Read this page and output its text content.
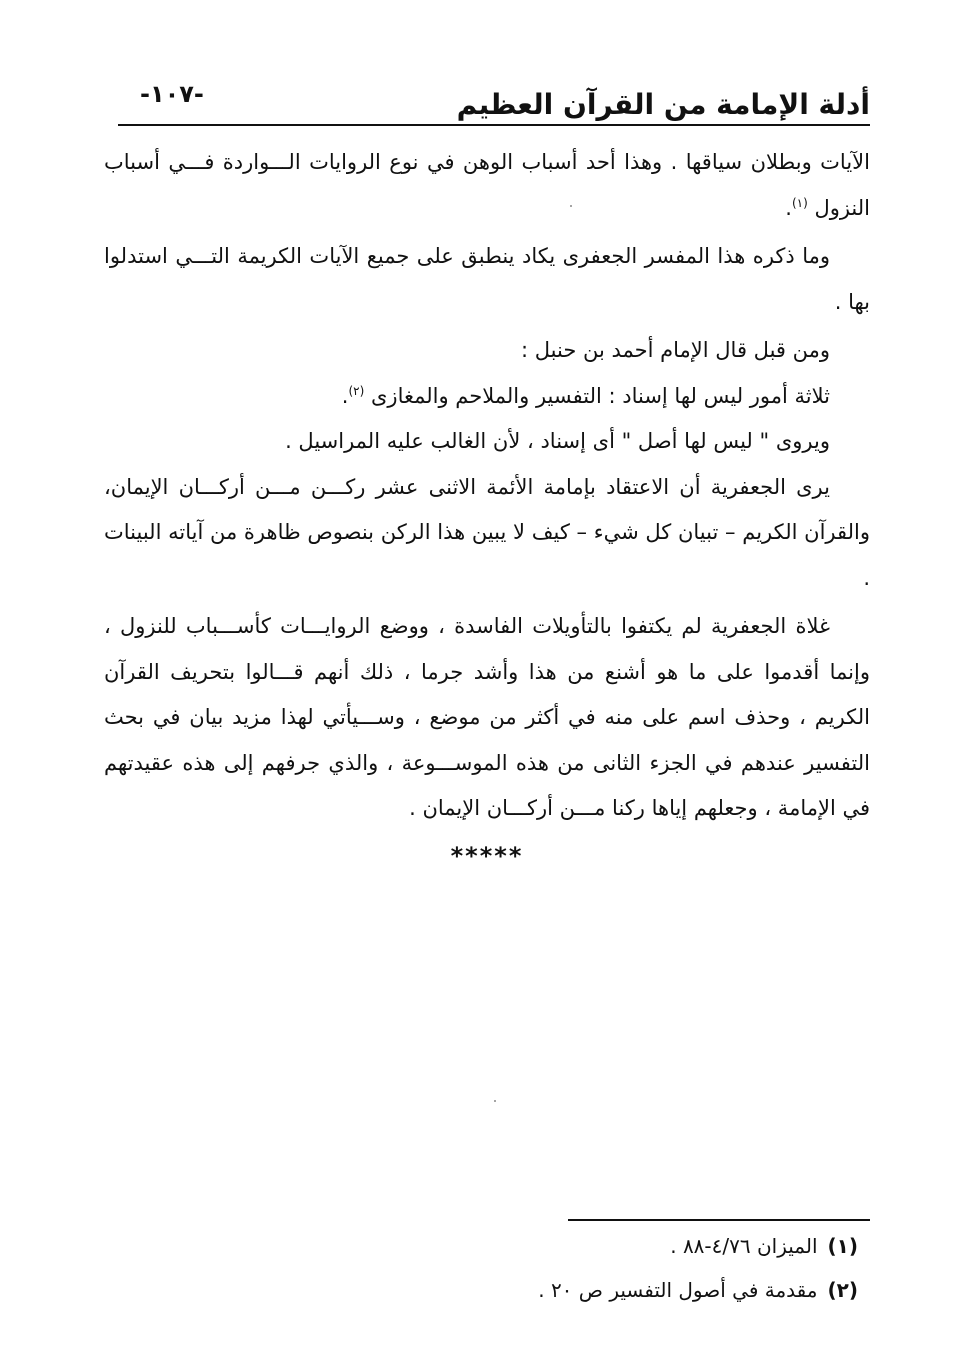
أدلة الإمامة من القرآن العظيم
-١٠٧-

الآيات وبطلان سياقها . وهذا أحد أسباب الوهن في نوع الروايات الـــواردة فـــي أسباب النزول $^{(١)}$.

وما ذكره هذا المفسر الجعفرى يكاد ينطبق على جميع الآيات الكريمة التـــي استدلوا بها .

ومن قبل قال الإمام أحمد بن حنبل :

ثلاثة أمور ليس لها إسناد : التفسير والملاحم والمغازى $^{(٢)}$.

ويروى " ليس لها أصل " أى إسناد ، لأن الغالب عليه المراسيل .

يرى الجعفرية أن الاعتقاد بإمامة الأئمة الاثنى عشر ركـــن مـــن أركـــان الإيمان، والقرآن الكريم – تبيان كل شيء – كيف لا يبين هذا الركن بنصوص ظاهرة من آياته البينات .

غلاة الجعفرية لم يكتفوا بالتأويلات الفاسدة ، ووضع الروايـــات كأســـباب للنزول ، وإنما أقدموا على ما هو أشنع من هذا وأشد جرما ، ذلك أنهم قـــالوا بتحريف القرآن الكريم ، وحذف اسم على منه في أكثر من موضع ، وســـيأتي لهذا مزيد بيان في بحث التفسير عندهم في الجزء الثانى من هذه الموســـوعة ، والذي جرفهم إلى هذه عقيدتهم في الإمامة ، وجعلهم إياها ركنا مـــن أركـــان الإيمان .

*****
(١)الميزان ٤/٧٦-٨٨ .
(٢)مقدمة في أصول التفسير ص ٢٠ .
